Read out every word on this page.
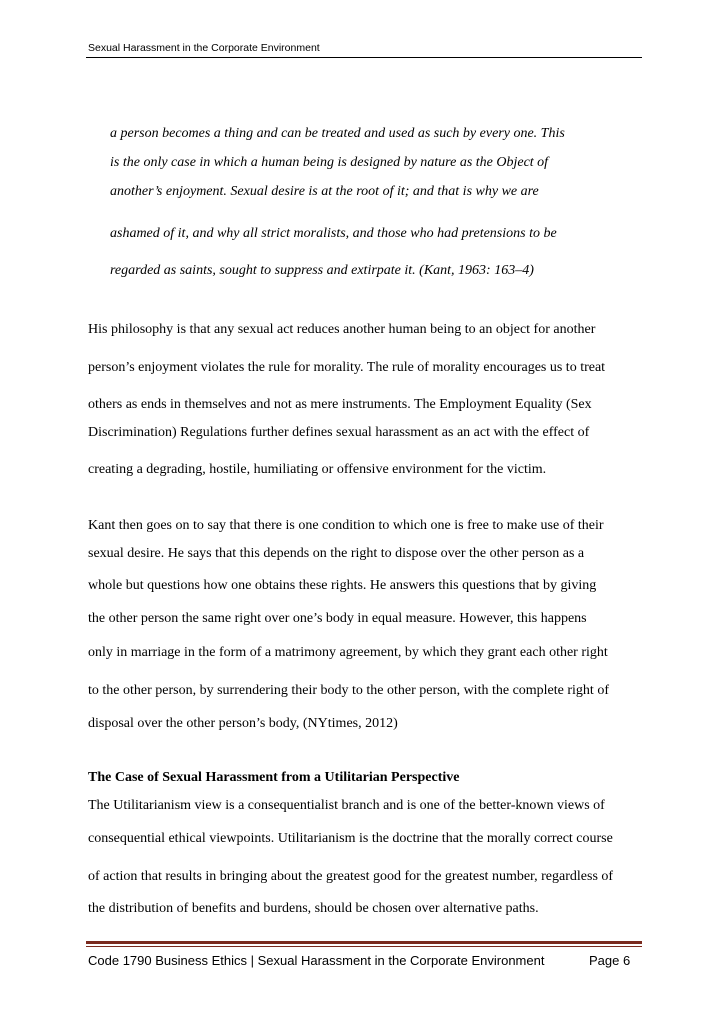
Sexual Harassment in the Corporate Environment
a person becomes a thing and can be treated and used as such by every one. This
is the only case in which a human being is designed by nature as the Object of
another’s enjoyment. Sexual desire is at the root of it; and that is why we are
ashamed of it, and why all strict moralists, and those who had pretensions to be
regarded as saints, sought to suppress and extirpate it. (Kant, 1963: 163–4)
His philosophy is that any sexual act reduces another human being to an object for another
person’s enjoyment violates the rule for morality. The rule of morality encourages us to treat
others as ends in themselves and not as mere instruments. The Employment Equality (Sex
Discrimination) Regulations further defines sexual harassment as an act with the effect of
creating a degrading, hostile, humiliating or offensive environment for the victim.
Kant then goes on to say that there is one condition to which one is free to make use of their
sexual desire. He says that this depends on the right to dispose over the other person as a
whole but questions how one obtains these rights. He answers this questions that by giving
the other person the same right over one’s body in equal measure. However, this happens
only in marriage in the form of a matrimony agreement, by which they grant each other right
to the other person, by surrendering their body to the other person, with the complete right of
disposal over the other person’s body, (NYtimes, 2012)
The Case of Sexual Harassment from a Utilitarian Perspective
The Utilitarianism view is a consequentialist branch and is one of the better-known views of
consequential ethical viewpoints. Utilitarianism is the doctrine that the morally correct course
of action that results in bringing about the greatest good for the greatest number, regardless of
the distribution of benefits and burdens, should be chosen over alternative paths.
Code 1790 Business Ethics | Sexual Harassment in the Corporate Environment	Page 6
